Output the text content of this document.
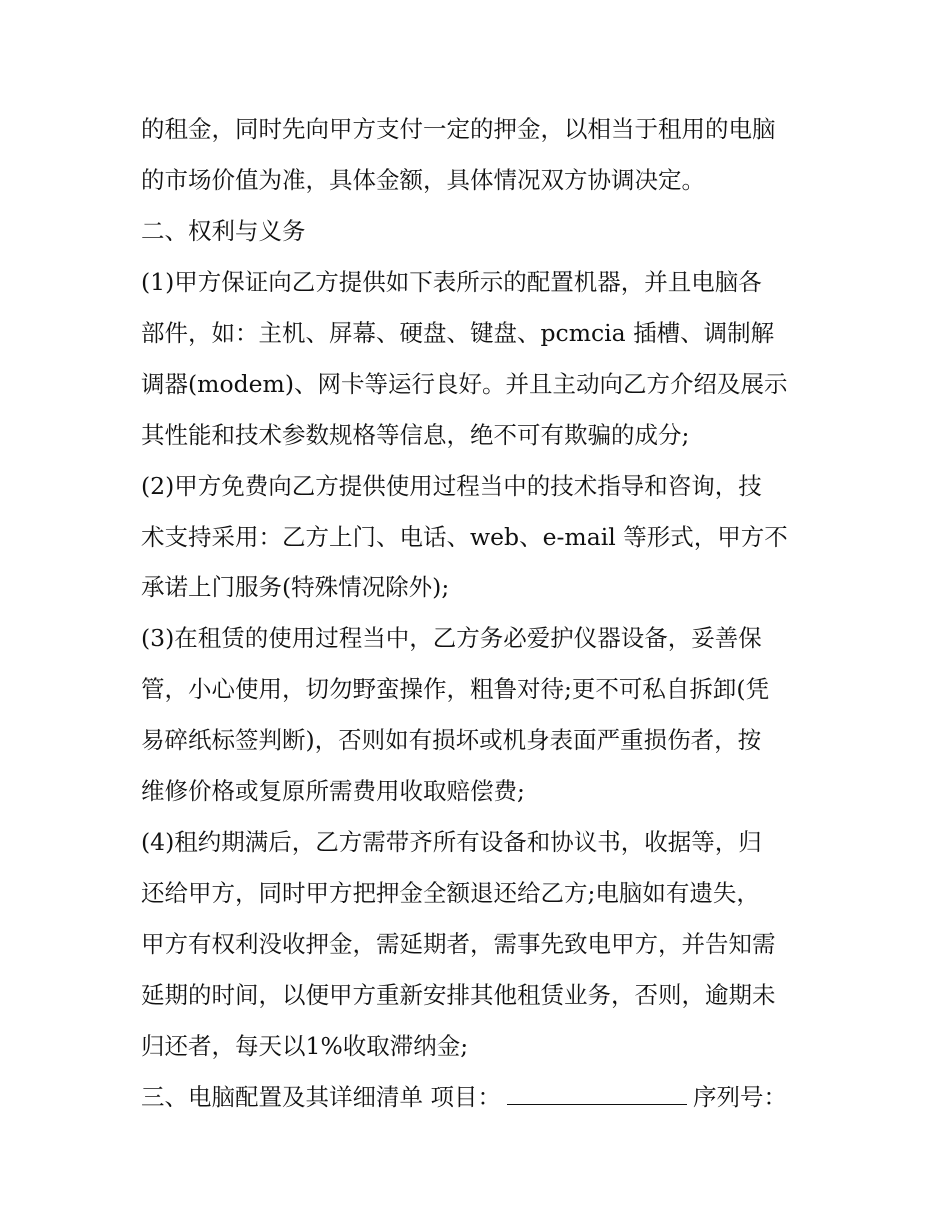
的租金，同时先向甲方支付一定的押金，以相当于租用的电脑

的市场价值为准，具体金额，具体情况双方协调决定。

二、权利与义务

(1)甲方保证向乙方提供如下表所示的配置机器，并且电脑各

部件，如：主机、屏幕、硬盘、键盘、pcmcia 插槽、调制解

调器(modem)、网卡等运行良好。并且主动向乙方介绍及展示

其性能和技术参数规格等信息，绝不可有欺骗的成分;

(2)甲方免费向乙方提供使用过程当中的技术指导和咨询，技

术支持采用：乙方上门、电话、web、e-mail 等形式，甲方不

承诺上门服务(特殊情况除外);

(3)在租赁的使用过程当中，乙方务必爱护仪器设备，妥善保

管，小心使用，切勿野蛮操作，粗鲁对待;更不可私自拆卸(凭

易碎纸标签判断)，否则如有损坏或机身表面严重损伤者，按

维修价格或复原所需费用收取赔偿费;

(4)租约期满后，乙方需带齐所有设备和协议书，收据等，归

还给甲方，同时甲方把押金全额退还给乙方;电脑如有遗失，

甲方有权利没收押金，需延期者，需事先致电甲方，并告知需

延期的时间，以便甲方重新安排其他租赁业务，否则，逾期未

归还者，每天以1%收取滞纳金;

三、电脑配置及其详细清单 项目：	序列号：
